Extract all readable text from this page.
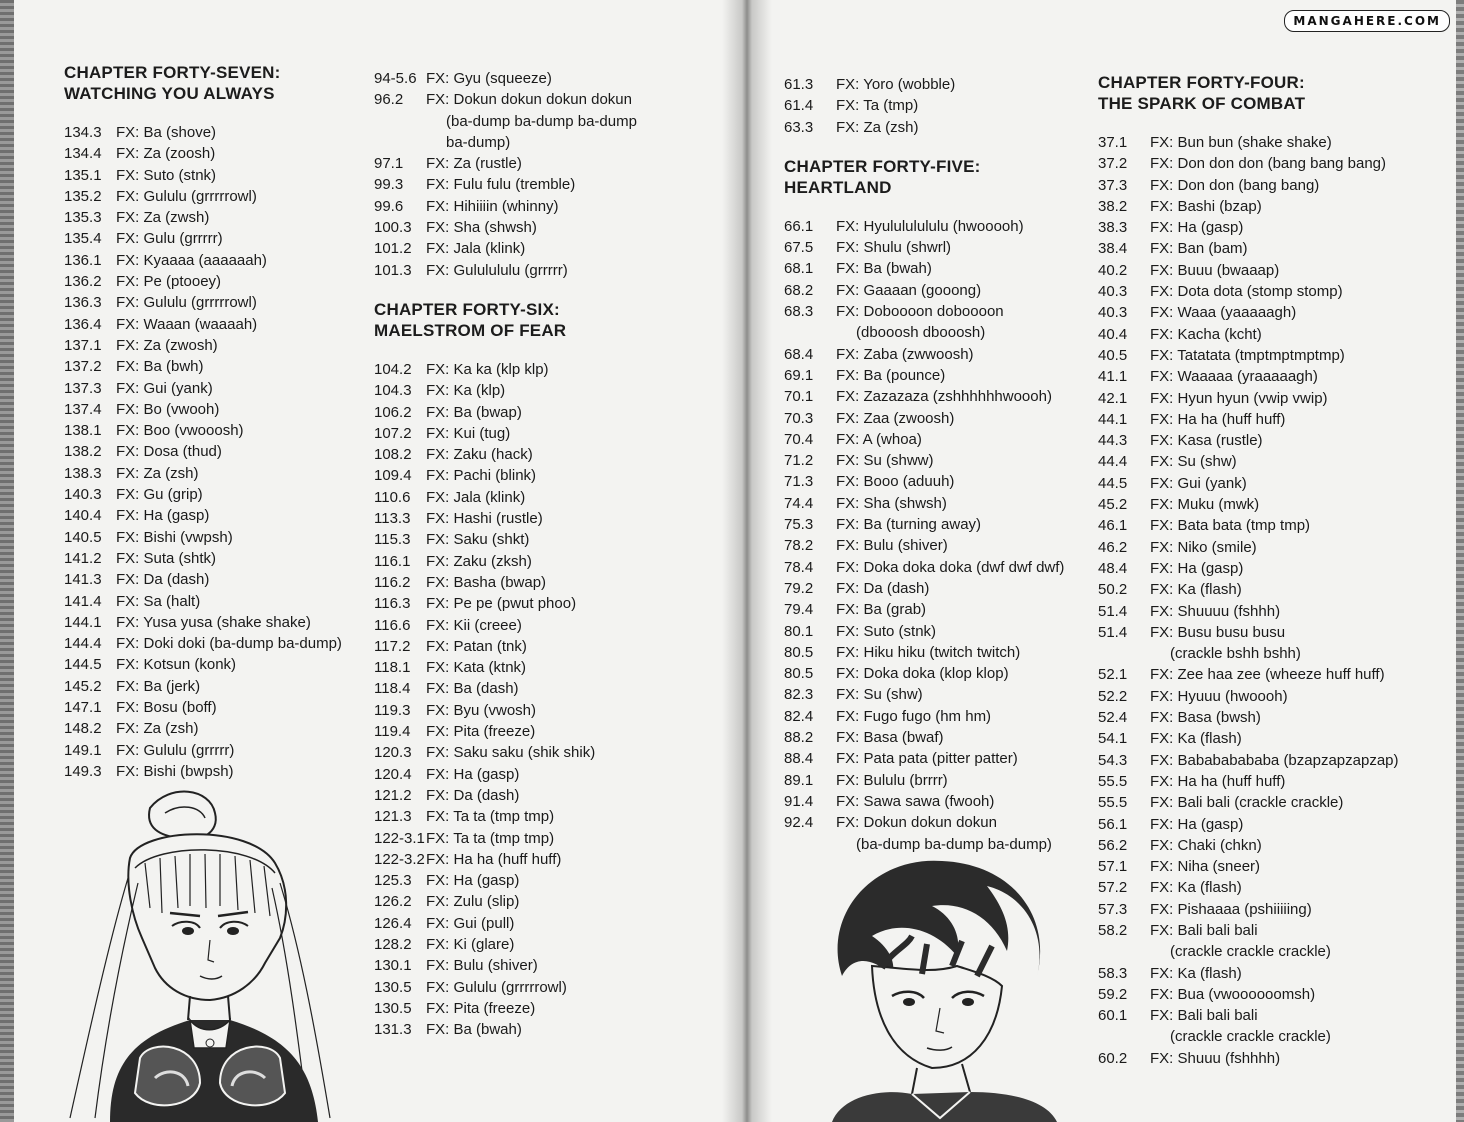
CHAPTER FORTY-SEVEN:
WATCHING YOU ALWAYS
134.3 FX: Ba (shove)
134.4 FX: Za (zoosh)
135.1 FX: Suto (stnk)
135.2 FX: Gululu (grrrrrowl)
135.3 FX: Za (zwsh)
135.4 FX: Gulu (grrrrr)
136.1 FX: Kyaaaa (aaaaaah)
136.2 FX: Pe (ptooey)
136.3 FX: Gululu (grrrrrowl)
136.4 FX: Waaan (waaaah)
137.1 FX: Za (zwosh)
137.2 FX: Ba (bwh)
137.3 FX: Gui (yank)
137.4 FX: Bo (vwooh)
138.1 FX: Boo (vwooosh)
138.2 FX: Dosa (thud)
138.3 FX: Za (zsh)
140.3 FX: Gu (grip)
140.4 FX: Ha (gasp)
140.5 FX: Bishi (vwpsh)
141.2 FX: Suta (shtk)
141.3 FX: Da (dash)
141.4 FX: Sa (halt)
144.1 FX: Yusa yusa (shake shake)
144.4 FX: Doki doki (ba-dump ba-dump)
144.5 FX: Kotsun (konk)
145.2 FX: Ba (jerk)
147.1 FX: Bosu (boff)
148.2 FX: Za (zsh)
149.1 FX: Gululu (grrrrr)
149.3 FX: Bishi (bwpsh)
94-5.6 FX: Gyu (squeeze)
96.2	FX: Dokun dokun dokun dokun
(ba-dump ba-dump ba-dump
ba-dump)
97.1	FX: Za (rustle)
99.3	FX: Fulu fulu (tremble)
99.6	FX: Hihiiiin (whinny)
100.3 FX: Sha (shwsh)
101.2 FX: Jala (klink)
101.3 FX: Gululululu (grrrrr)
CHAPTER FORTY-SIX:
MAELSTROM OF FEAR
104.2 FX: Ka ka (klp klp)
104.3 FX: Ka (klp)
106.2 FX: Ba (bwap)
107.2 FX: Kui (tug)
108.2 FX: Zaku (hack)
109.4 FX: Pachi (blink)
110.6	FX: Jala (klink)
113.3	FX: Hashi (rustle)
115.3	FX: Saku (shkt)
116.1	FX: Zaku (zksh)
116.2	FX: Basha (bwap)
116.3	FX: Pe pe (pwut phoo)
116.6	FX: Kii (creee)
117.2	FX: Patan (tnk)
118.1	FX: Kata (ktnk)
118.4	FX: Ba (dash)
119.3	FX: Byu (vwosh)
119.4	FX: Pita (freeze)
120.3 FX: Saku saku (shik shik)
120.4 FX: Ha (gasp)
121.2 FX: Da (dash)
121.3 FX: Ta ta (tmp tmp)
122-3.1 FX: Ta ta (tmp tmp)
122-3.2 FX: Ha ha (huff huff)
125.3 FX: Ha (gasp)
126.2 FX: Zulu (slip)
126.4 FX: Gui (pull)
128.2 FX: Ki (glare)
130.1 FX: Bulu (shiver)
130.5 FX: Gululu (grrrrrowl)
130.5 FX: Pita (freeze)
131.3 FX: Ba (bwah)
MANGAHERE.COM
61.3	FX: Yoro (wobble)
61.4	FX: Ta (tmp)
63.3	FX: Za (zsh)
CHAPTER FORTY-FIVE:
HEARTLAND
66.1	FX: Hyulululululu (hwooooh)
67.5	FX: Shulu (shwrl)
68.1	FX: Ba (bwah)
68.2	FX: Gaaaan (gooong)
68.3	FX: Doboooon doboooon
(dbooosh dbooosh)
68.4	FX: Zaba (zwwoosh)
69.1	FX: Ba (pounce)
70.1	FX: Zazazaza (zshhhhhhwoooh)
70.3	FX: Zaa (zwoosh)
70.4	FX: A (whoa)
71.2	FX: Su (shww)
71.3	FX: Booo (aduuh)
74.4	FX: Sha (shwsh)
75.3	FX: Ba (turning away)
78.2	FX: Bulu (shiver)
78.4	FX: Doka doka doka (dwf dwf dwf)
79.2	FX: Da (dash)
79.4	FX: Ba (grab)
80.1	FX: Suto (stnk)
80.5	FX: Hiku hiku (twitch twitch)
80.5	FX: Doka doka (klop klop)
82.3	FX: Su (shw)
82.4	FX: Fugo fugo (hm hm)
88.2	FX: Basa (bwaf)
88.4	FX: Pata pata (pitter patter)
89.1	FX: Bululu (brrrr)
91.4	FX: Sawa sawa (fwooh)
92.4	FX: Dokun dokun dokun
(ba-dump ba-dump ba-dump)
CHAPTER FORTY-FOUR:
THE SPARK OF COMBAT
37.1	FX: Bun bun (shake shake)
37.2	FX: Don don don (bang bang bang)
37.3	FX: Don don (bang bang)
38.2	FX: Bashi (bzap)
38.3	FX: Ha (gasp)
38.4	FX: Ban (bam)
40.2	FX: Buuu (bwaaap)
40.3	FX: Dota dota (stomp stomp)
40.3	FX: Waaa (yaaaaagh)
40.4	FX: Kacha (kcht)
40.5	FX: Tatatata (tmptmptmptmp)
41.1	FX: Waaaaa (yraaaaagh)
42.1	FX: Hyun hyun (vwip vwip)
44.1	FX: Ha ha (huff huff)
44.3	FX: Kasa (rustle)
44.4	FX: Su (shw)
44.5	FX: Gui (yank)
45.2	FX: Muku (mwk)
46.1	FX: Bata bata (tmp tmp)
46.2	FX: Niko (smile)
48.4	FX: Ha (gasp)
50.2	FX: Ka (flash)
51.4	FX: Shuuuu (fshhh)
51.4	FX: Busu busu busu
(crackle bshh bshh)
52.1	FX: Zee haa zee (wheeze huff huff)
52.2	FX: Hyuuu (hwoooh)
52.4	FX: Basa (bwsh)
54.1	FX: Ka (flash)
54.3	FX: Babababababa (bzapzapzapzap)
55.5	FX: Ha ha (huff huff)
55.5	FX: Bali bali (crackle crackle)
56.1	FX: Ha (gasp)
56.2	FX: Chaki (chkn)
57.1	FX: Niha (sneer)
57.2	FX: Ka (flash)
57.3	FX: Pishaaaa (pshiiiiing)
58.2	FX: Bali bali bali
(crackle crackle crackle)
58.3	FX: Ka (flash)
59.2	FX: Bua (vwoooooomsh)
60.1	FX: Bali bali bali
(crackle crackle crackle)
60.2	FX: Shuuu (fshhhh)
